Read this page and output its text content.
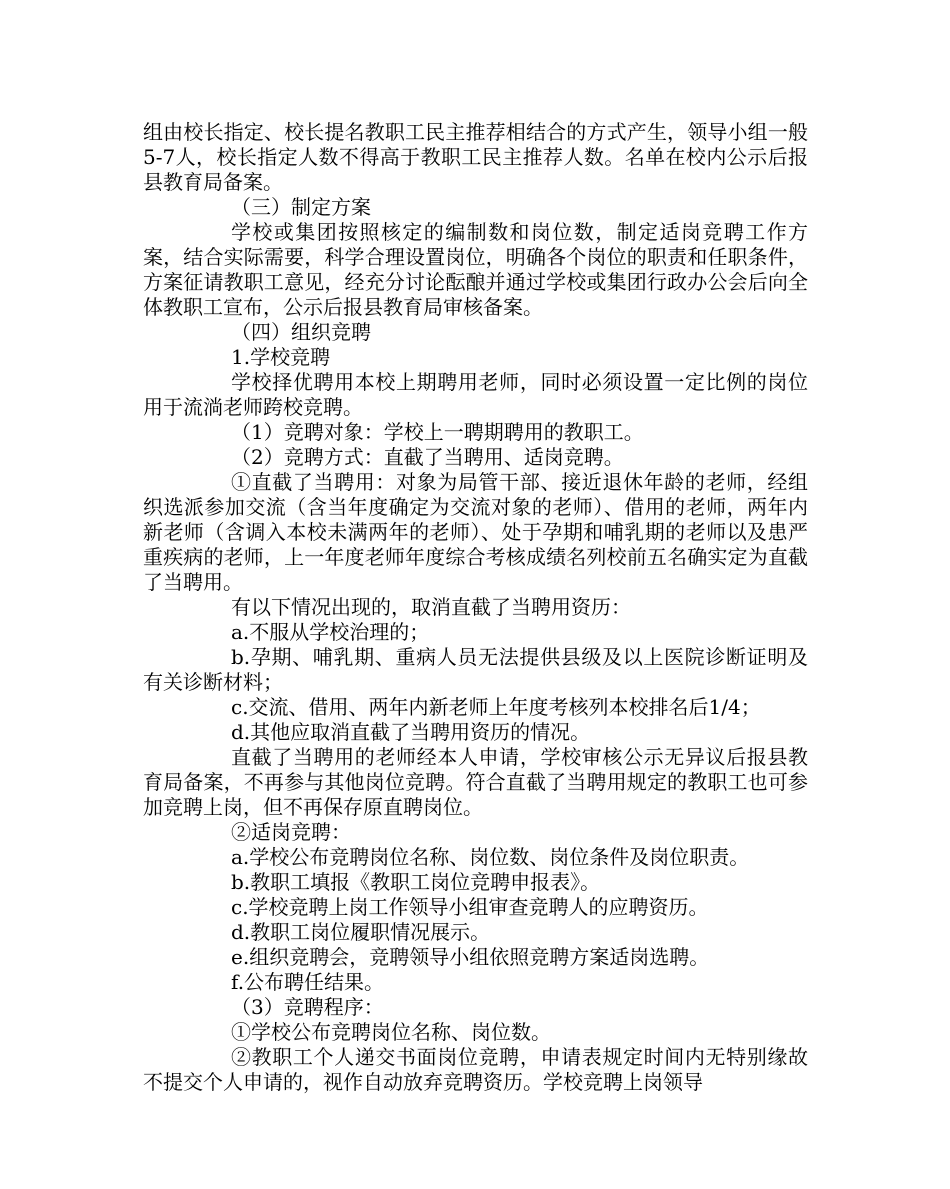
组由校长指定、校长提名教职工民主推荐相结合的方式产生，领导小组一般5-7人，校长指定人数不得高于教职工民主推荐人数。名单在校内公示后报县教育局备案。

（三）制定方案

学校或集团按照核定的编制数和岗位数，制定适岗竞聘工作方案，结合实际需要，科学合理设置岗位，明确各个岗位的职责和任职条件，方案征请教职工意见，经充分讨论酝酿并通过学校或集团行政办公会后向全体教职工宣布，公示后报县教育局审核备案。

（四）组织竞聘

1.学校竞聘

学校择优聘用本校上期聘用老师，同时必须设置一定比例的岗位用于流淌老师跨校竞聘。

（1）竞聘对象：学校上一聘期聘用的教职工。

（2）竞聘方式：直截了当聘用、适岗竞聘。

①直截了当聘用：对象为局管干部、接近退休年龄的老师，经组织选派参加交流（含当年度确定为交流对象的老师）、借用的老师，两年内新老师（含调入本校未满两年的老师）、处于孕期和哺乳期的老师以及患严重疾病的老师，上一年度老师年度综合考核成绩名列校前五名确实定为直截了当聘用。

有以下情况出现的，取消直截了当聘用资历：

a.不服从学校治理的；

b.孕期、哺乳期、重病人员无法提供县级及以上医院诊断证明及有关诊断材料；

c.交流、借用、两年内新老师上年度考核列本校排名后1/4；

d.其他应取消直截了当聘用资历的情况。

直截了当聘用的老师经本人申请，学校审核公示无异议后报县教育局备案，不再参与其他岗位竞聘。符合直截了当聘用规定的教职工也可参加竞聘上岗，但不再保存原直聘岗位。

②适岗竞聘：

a.学校公布竞聘岗位名称、岗位数、岗位条件及岗位职责。

b.教职工填报《教职工岗位竞聘申报表》。

c.学校竞聘上岗工作领导小组审查竞聘人的应聘资历。

d.教职工岗位履职情况展示。

e.组织竞聘会，竞聘领导小组依照竞聘方案适岗选聘。

f.公布聘任结果。

（3）竞聘程序：

①学校公布竞聘岗位名称、岗位数。

②教职工个人递交书面岗位竞聘，申请表规定时间内无特别缘故不提交个人申请的，视作自动放弃竞聘资历。学校竞聘上岗领导
